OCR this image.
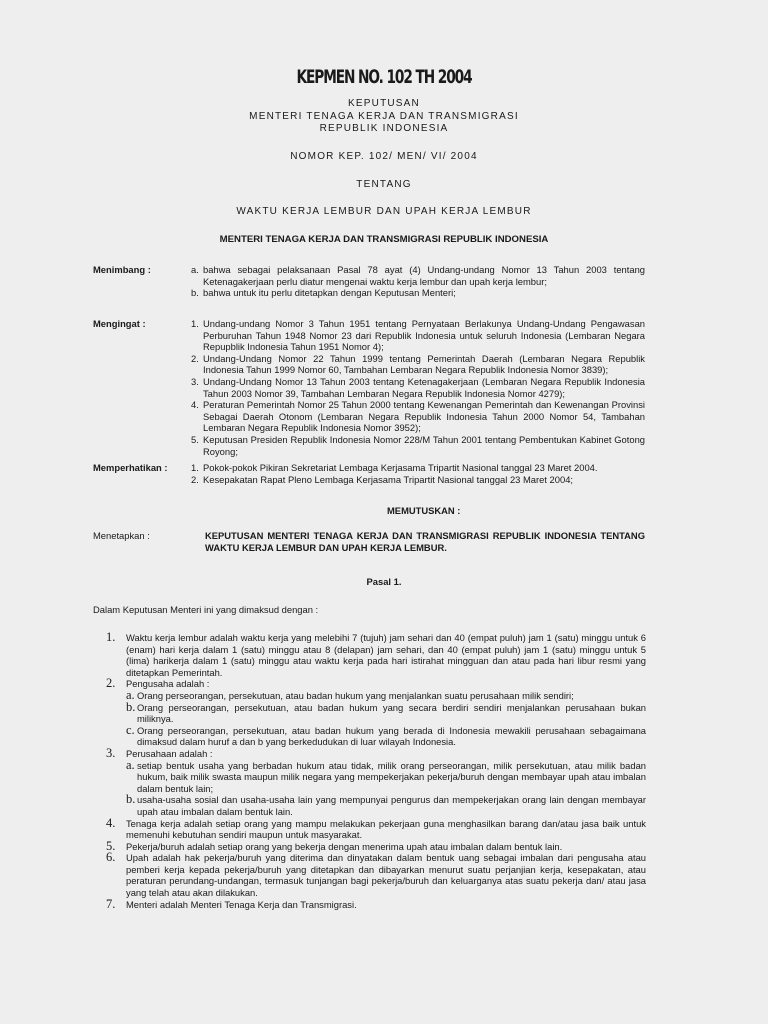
KEPMEN NO. 102 TH 2004
KEPUTUSAN
MENTERI TENAGA KERJA DAN TRANSMIGRASI
REPUBLIK INDONESIA
NOMOR KEP. 102/ MEN/ VI/ 2004
TENTANG
WAKTU KERJA LEMBUR DAN UPAH KERJA LEMBUR
MENTERI TENAGA KERJA DAN TRANSMIGRASI REPUBLIK INDONESIA
Menimbang :	a. bahwa sebagai pelaksanaan Pasal 78 ayat (4) Undang-undang Nomor 13 Tahun 2003 tentang Ketenagakerjaan perlu diatur mengenai waktu kerja lembur dan upah kerja lembur;
b. bahwa untuk itu perlu ditetapkan dengan Keputusan Menteri;
Mengingat :	1. Undang-undang Nomor 3 Tahun 1951 tentang Pernyataan Berlakunya Undang-Undang Pengawasan Perburuhan Tahun 1948 Nomor 23 dari Republik Indonesia untuk seluruh Indonesia (Lembaran Negara Repupblik Indonesia Tahun 1951 Nomor 4);
2. Undang-Undang Nomor 22 Tahun 1999 tentang Pemerintah Daerah (Lembaran Negara Republik Indonesia Tahun 1999 Nomor 60, Tambahan Lembaran Negara Republik Indonesia Nomor 3839);
3. Undang-Undang Nomor 13 Tahun 2003 tentang Ketenagakerjaan (Lembaran Negara Republik Indonesia Tahun 2003 Nomor 39, Tambahan Lembaran Negara Republik Indonesia Nomor 4279);
4. Peraturan Pemerintah Nomor 25 Tahun 2000 tentang Kewenangan Pemerintah dan Kewenangan Provinsi Sebagai Daerah Otonom (Lembaran Negara Republik Indonesia Tahun 2000 Nomor 54, Tambahan Lembaran Negara Republik Indonesia Nomor 3952);
5. Keputusan Presiden Republik Indonesia Nomor 228/M Tahun 2001 tentang Pembentukan Kabinet Gotong Royong;
Memperhatikan :	1. Pokok-pokok Pikiran Sekretariat Lembaga Kerjasama Tripartit Nasional tanggal 23 Maret 2004.
2. Kesepakatan Rapat Pleno Lembaga Kerjasama Tripartit Nasional tanggal 23 Maret 2004;
MEMUTUSKAN :
Menetapkan :	KEPUTUSAN MENTERI TENAGA KERJA DAN TRANSMIGRASI REPUBLIK INDONESIA TENTANG WAKTU KERJA LEMBUR DAN UPAH KERJA LEMBUR.
Pasal 1.
Dalam Keputusan Menteri ini yang dimaksud dengan :
1.	Waktu kerja lembur adalah waktu kerja yang melebihi 7 (tujuh) jam sehari dan 40 (empat puluh) jam 1 (satu) minggu untuk 6 (enam) hari kerja dalam 1 (satu) minggu atau 8 (delapan) jam sehari, dan 40 (empat puluh) jam 1 (satu) minggu untuk 5 (lima) harikerja dalam 1 (satu) minggu atau waktu kerja pada hari istirahat mingguan dan atau pada hari libur resmi yang ditetapkan Pemerintah.
2.	Pengusaha adalah :
a. Orang perseorangan, persekutuan, atau badan hukum yang menjalankan suatu perusahaan milik sendiri;
b. Orang perseorangan, persekutuan, atau badan hukum yang secara berdiri sendiri menjalankan perusahaan bukan miliknya.
c. Orang perseorangan, persekutuan, atau badan hukum yang berada di Indonesia mewakili perusahaan sebagaimana dimaksud dalam huruf a dan b yang berkedudukan di luar wilayah Indonesia.
3.	Perusahaan adalah :
a. setiap bentuk usaha yang berbadan hukum atau tidak, milik orang perseorangan, milik persekutuan, atau milik badan hukum, baik milik swasta maupun milik negara yang mempekerjakan pekerja/buruh dengan membayar upah atau imbalan dalam bentuk lain;
b. usaha-usaha sosial dan usaha-usaha lain yang mempunyai pengurus dan mempekerjakan orang lain dengan membayar upah atau imbalan dalam bentuk lain.
4.	Tenaga kerja adalah setiap orang yang mampu melakukan pekerjaan guna menghasilkan barang dan/atau jasa baik untuk memenuhi kebutuhan sendiri maupun untuk masyarakat.
5.	Pekerja/buruh adalah setiap orang yang bekerja dengan menerima upah atau imbalan dalam bentuk lain.
6.	Upah adalah hak pekerja/buruh yang diterima dan dinyatakan dalam bentuk uang sebagai imbalan dari pengusaha atau pemberi kerja kepada pekerja/buruh yang ditetapkan dan dibayarkan menurut suatu perjanjian kerja, kesepakatan, atau peraturan perundang-undangan, termasuk tunjangan bagi pekerja/buruh dan keluarganya atas suatu pekerja dan/ atau jasa yang telah atau akan dilakukan.
7.	Menteri adalah Menteri Tenaga Kerja dan Transmigrasi.
